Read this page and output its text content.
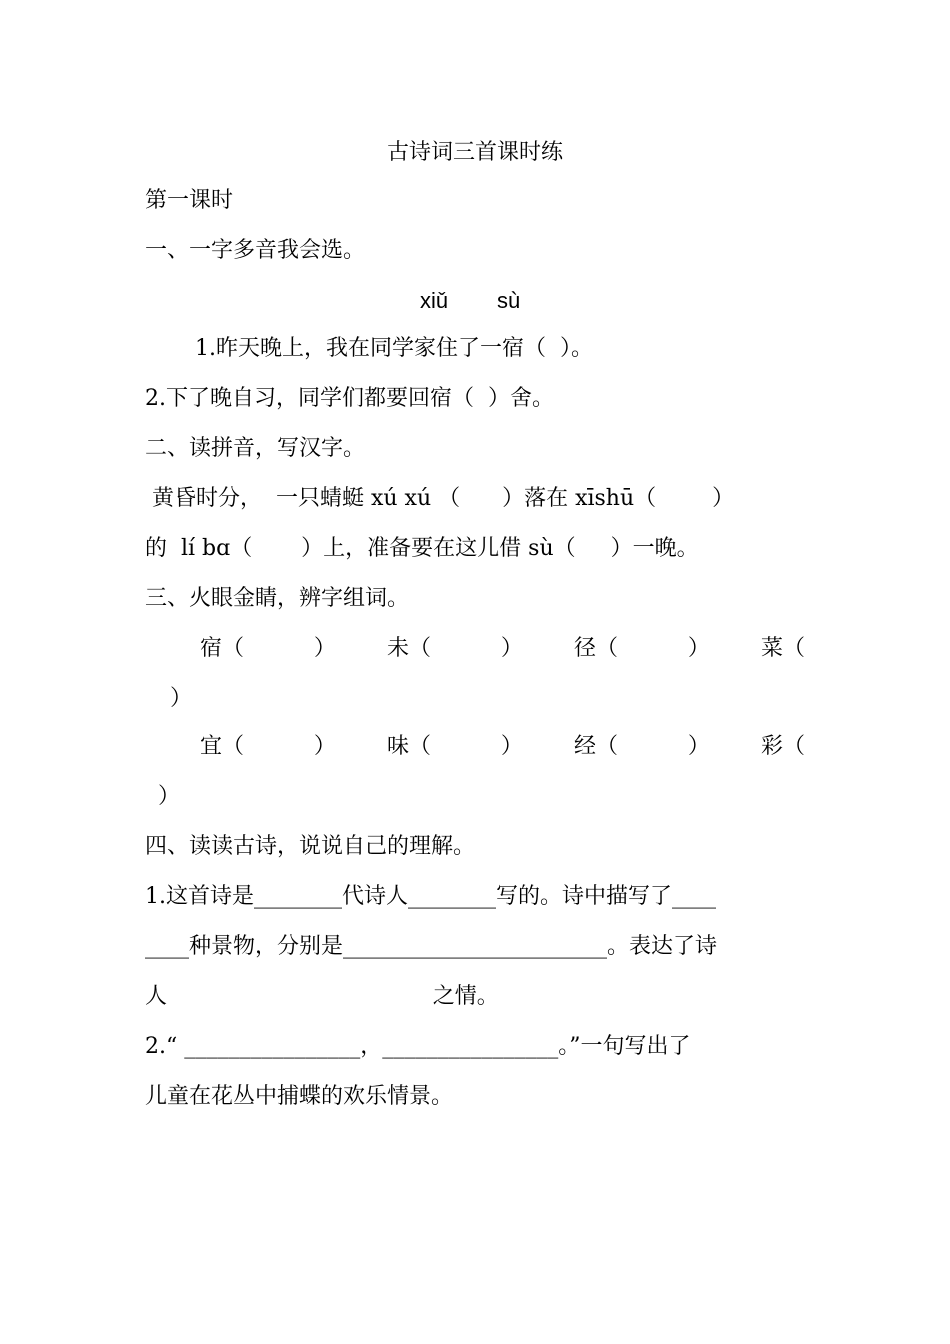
古诗词三首课时练
第一课时
一、一字多音我会选。
xiǔ        sù
1.昨天晚上，我在同学家住了一宿（  ）。
2.下了晚自习，同学们都要回宿（  ）舍。
二、读拼音，写汉字。
黄昏时分，  一只蜻蜓 xú xú （      ）落在 xīshū（        ）
的  lí bɑ（       ）上，准备要在这儿借 sù（     ）一晚。
三、火眼金睛，辨字组词。
宿（          ） 未（          ） 径（          ） 菜（
）
宜（          ） 味（          ） 经（          ） 彩（
）
四、读读古诗，说说自己的理解。
1.这首诗是________代诗人________写的。诗中描写了____
____种景物，分别是________________________。表达了诗
人                                      之情。
2.“ ________________，________________。”一句写出了
儿童在花丛中捕蝶的欢乐情景。
